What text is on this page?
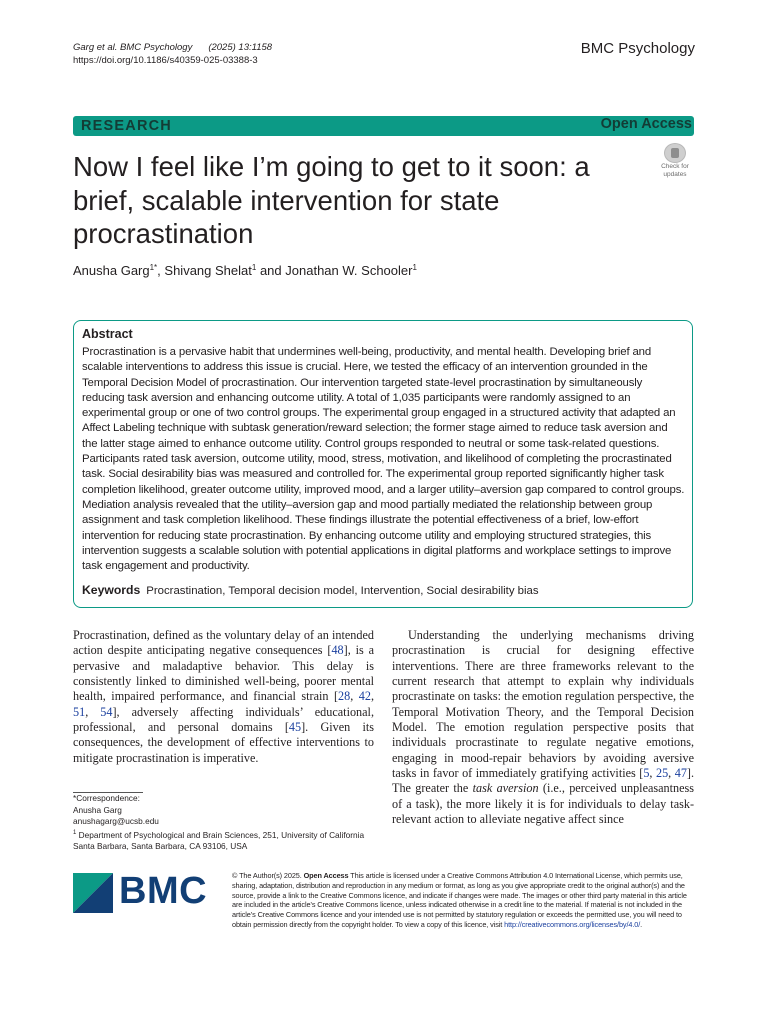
Garg et al. BMC Psychology (2025) 13:1158
https://doi.org/10.1186/s40359-025-03388-3
BMC Psychology
RESEARCH	Open Access
Now I feel like I’m going to get to it soon: a brief, scalable intervention for state procrastination
Check for updates
Anusha Garg$^{1*}$, Shivang Shelat$^1$ and Jonathan W. Schooler$^1$
Abstract
Procrastination is a pervasive habit that undermines well-being, productivity, and mental health. Developing brief and scalable interventions to address this issue is crucial. Here, we tested the efficacy of an intervention grounded in the Temporal Decision Model of procrastination. Our intervention targeted state-level procrastination by simultaneously reducing task aversion and enhancing outcome utility. A total of 1,035 participants were randomly assigned to an experimental group or one of two control groups. The experimental group engaged in a structured activity that adapted an Affect Labeling technique with subtask generation/reward selection; the former stage aimed to reduce task aversion and the latter stage aimed to enhance outcome utility. Control groups responded to neutral or some task-related questions. Participants rated task aversion, outcome utility, mood, stress, motivation, and likelihood of completing the procrastinated task. Social desirability bias was measured and controlled for. The experimental group reported significantly higher task completion likelihood, greater outcome utility, improved mood, and a larger utility–aversion gap compared to control groups. Mediation analysis revealed that the utility–aversion gap and mood partially mediated the relationship between group assignment and task completion likelihood. These findings illustrate the potential effectiveness of a brief, low-effort intervention for reducing state procrastination. By enhancing outcome utility and employing structured strategies, this intervention suggests a scalable solution with potential applications in digital platforms and workplace settings to improve task engagement and productivity.
Keywords Procrastination, Temporal decision model, Intervention, Social desirability bias

Procrastination, defined as the voluntary delay of an intended action despite anticipating negative consequences [48], is a pervasive and maladaptive behavior. This delay is consistently linked to diminished well-being, poorer mental health, impaired performance, and financial strain [28, 42, 51, 54], adversely affecting individuals’ educational, professional, and personal domains [45]. Given its consequences, the development of effective interventions to mitigate procrastination is imperative.

Understanding the underlying mechanisms driving procrastination is crucial for designing effective interventions. There are three frameworks relevant to the current research that attempt to explain why individuals procrastinate on tasks: the emotion regulation perspective, the Temporal Motivation Theory, and the Temporal Decision Model. The emotion regulation perspective posits that individuals procrastinate to regulate negative emotions, engaging in mood-repair behaviors by avoiding aversive tasks in favor of immediately gratifying activities [5, 25, 47]. The greater the task aversion (i.e., perceived unpleasantness of a task), the more likely it is for individuals to delay task-relevant action to alleviate negative affect since

*Correspondence:
Anusha Garg
anushagarg@ucsb.edu
$^1$ Department of Psychological and Brain Sciences, 251, University of California Santa Barbara, Santa Barbara, CA 93106, USA
BMC	© The Author(s) 2025. Open Access This article is licensed under a Creative Commons Attribution 4.0 International License, which permits use, sharing, adaptation, distribution and reproduction in any medium or format, as long as you give appropriate credit to the original author(s) and the source, provide a link to the Creative Commons licence, and indicate if changes were made. The images or other third party material in this article are included in the article’s Creative Commons licence, unless indicated otherwise in a credit line to the material. If material is not included in the article’s Creative Commons licence and your intended use is not permitted by statutory regulation or exceeds the permitted use, you will need to obtain permission directly from the copyright holder. To view a copy of this licence, visit http://creativecommons.org/licenses/by/4.0/.
